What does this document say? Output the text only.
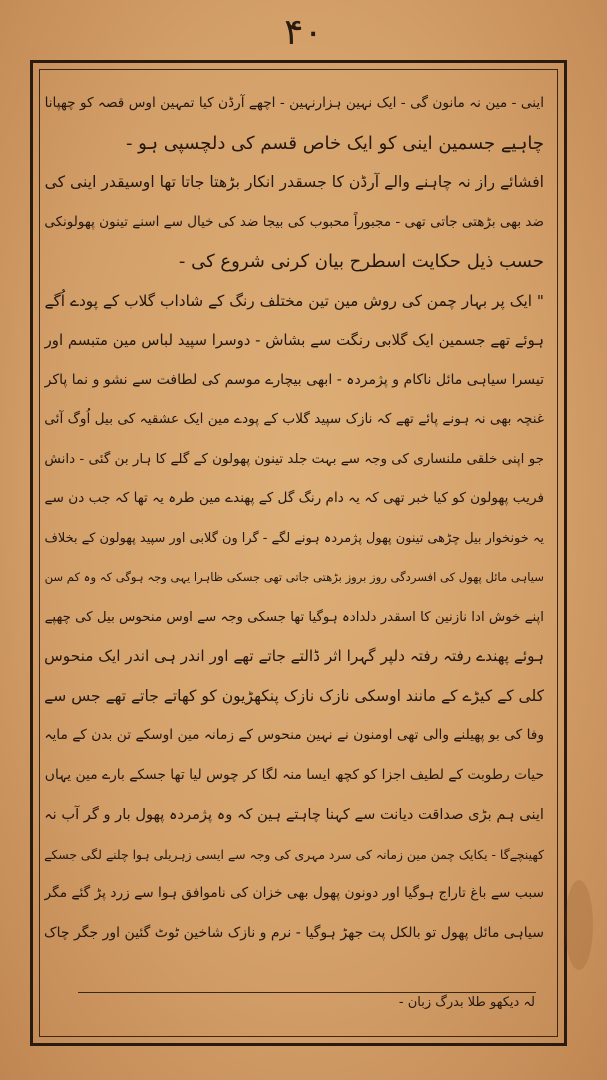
۴۰
اینی - مین نہ مانون گی - ایک نہین ہزارنہین - اچھے آرڈن کیا تمہین اوس قصہ کو چھپانا
چاہیے جسمین اینی کو ایک خاص قسم کی دلچسپی ہو -
افشائے راز نہ چاہنے والے آرڈن کا جسقدر انکار بڑھتا جاتا تھا اوسیقدر اینی کی
ضد بھی بڑھتی جاتی تھی - مجبوراً محبوب کی بیجا ضد کی خیال سے اسنے تینون پھولونکی
حسب ذیل حکایت اسطرح بیان کرنی شروع کی -
" ایک پر بہار چمن کی روش مین تین مختلف رنگ کے شاداب گلاب کے پودے اُگے
ہوئے تھے جسمین ایک گلابی رنگت سے بشاش - دوسرا سپید لباس مین متبسم اور
تیسرا سیاہی مائل ناکام و پژمردہ - ابھی بیچارے موسم کی لطافت سے نشو و نما پاکر
غنچہ بھی نہ ہونے پائے تھے کہ نازک سپید گلاب کے پودے مین ایک عشقیہ کی بیل اُوگ آئی
جو اپنی خلقی ملنساری کی وجہ سے بہت جلد تینون پھولون کے گلے کا ہار بن گئی - دانش
فریب پھولون کو کیا خبر تھی کہ یہ دام رنگ گل کے پھندے مین طرہ یہ تھا کہ جب دن سے
یہ خونخوار بیل چڑھی تینون پھول پژمردہ ہونے لگے - گرا ون گلابی اور سپید پھولون کے بخلاف
سیاہی مائل پھول کی افسردگی روز بروز بڑھتی جاتی تھی جسکی ظاہرا یہی وجہ ہوگی کہ وہ کم سن
اپنے خوش ادا نازنین کا اسقدر دلدادہ ہوگیا تھا جسکی وجہ سے اوس منحوس بیل کی چھپے
ہوئے پھندے رفتہ رفتہ دلپر گہرا اثر ڈالتے جاتے تھے اور اندر ہی اندر ایک منحوس
کلی کے کیڑے کے مانند اوسکی نازک نازک پنکھڑیون کو کھاتے جاتے تھے جس سے
وفا کی بو پھیلنے والی تھی اومنون نے نہین منحوس کے زمانہ مین اوسکے تن بدن کے مایہ
حیات رطوبت کے لطیف اجزا کو کچھ ایسا منہ لگا کر چوس لیا تھا جسکے بارے مین یہاں
اینی ہم بڑی صداقت دیانت سے کہنا چاہتے ہین کہ وہ پژمردہ پھول بار و گر آب نہ
کھینچےگا - یکایک چمن مین زمانہ کی سرد مہری کی وجہ سے ایسی زہریلی ہوا چلنے لگی جسکے
سبب سے باغ تاراج ہوگیا اور دونون پھول بھی خزان کی ناموافق ہوا سے زرد پڑ گئے مگر
سیاہی مائل پھول تو بالکل پت جھڑ ہوگیا - نرم و نازک شاخین ٹوٹ گئین اور جگر چاک
لہ دیکھو طلا بدرگ زبان -
